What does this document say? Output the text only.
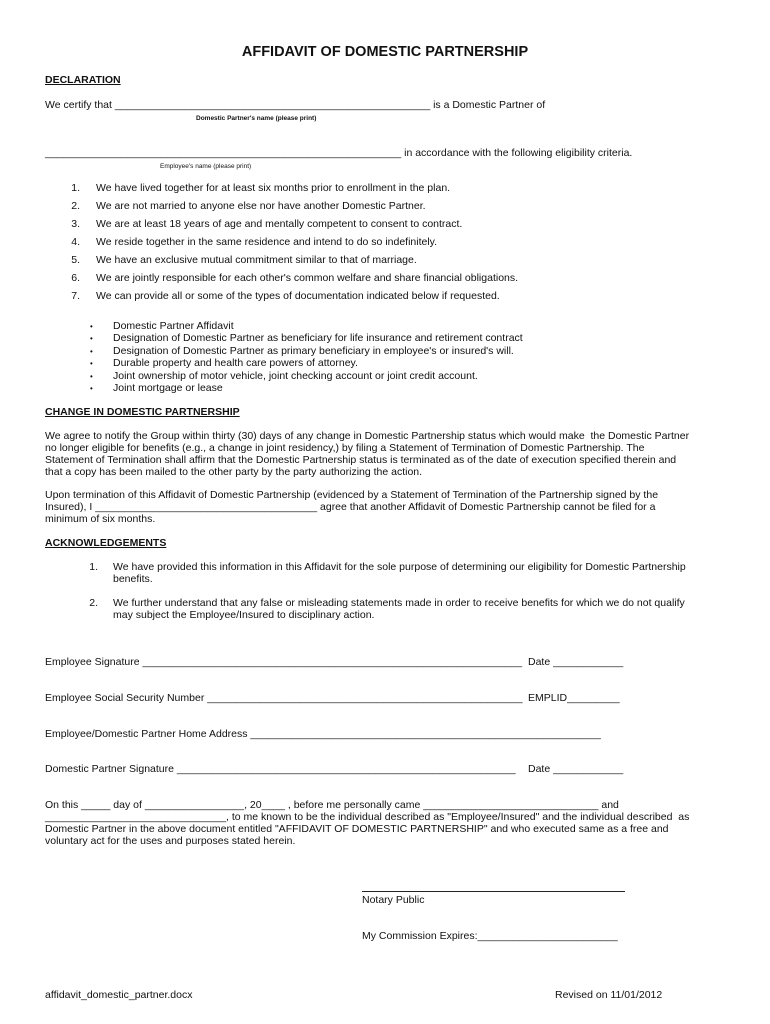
AFFIDAVIT OF DOMESTIC PARTNERSHIP
DECLARATION
We certify that ______________________________________________________ is a Domestic Partner of
Domestic Partner's name (please print)
_____________________________________________________________ in accordance with the following eligibility criteria.
Employee's name (please print)
1. We have lived together for at least six months prior to enrollment in the plan.
2. We are not married to anyone else nor have another Domestic Partner.
3. We are at least 18 years of age and mentally competent to consent to contract.
4. We reside together in the same residence and intend to do so indefinitely.
5. We have an exclusive mutual commitment similar to that of marriage.
6. We are jointly responsible for each other's common welfare and share financial obligations.
7. We can provide all or some of the types of documentation indicated below if requested.
• Domestic Partner Affidavit
• Designation of Domestic Partner as beneficiary for life insurance and retirement contract
• Designation of Domestic Partner as primary beneficiary in employee's or insured's will.
• Durable property and health care powers of attorney.
• Joint ownership of motor vehicle, joint checking account or joint credit account.
• Joint mortgage or lease
CHANGE IN DOMESTIC PARTNERSHIP
We agree to notify the Group within thirty (30) days of any change in Domestic Partnership status which would make  the Domestic Partner
no longer eligible for benefits (e.g., a change in joint residency,) by filing a Statement of Termination of Domestic Partnership. The
Statement of Termination shall affirm that the Domestic Partnership status is terminated as of the date of execution specified therein and
that a copy has been mailed to the other party by the party authorizing the action.
Upon termination of this Affidavit of Domestic Partnership (evidenced by a Statement of Termination of the Partnership signed by the
Insured), I ______________________________________ agree that another Affidavit of Domestic Partnership cannot be filed for a
minimum of six months.
ACKNOWLEDGEMENTS
1. We have provided this information in this Affidavit for the sole purpose of determining our eligibility for Domestic Partnership
benefits.
2. We further understand that any false or misleading statements made in order to receive benefits for which we do not qualify
may subject the Employee/Insured to disciplinary action.
Employee Signature _________________________________________________________________ Date ____________
Employee Social Security Number ______________________________________________________ EMPLID_________
Employee/Domestic Partner Home Address ____________________________________________________________
Domestic Partner Signature __________________________________________________________ Date ____________
On this _____ day of _________________, 20____ , before me personally came ______________________________ and
_______________________________, to me known to be the individual described as "Employee/Insured" and the individual described  as
Domestic Partner in the above document entitled "AFFIDAVIT OF DOMESTIC PARTNERSHIP" and who executed same as a free and
voluntary act for the uses and purposes stated herein.
Notary Public
My Commission Expires:________________________
affidavit_domestic_partner.docx	Revised on 11/01/2012
